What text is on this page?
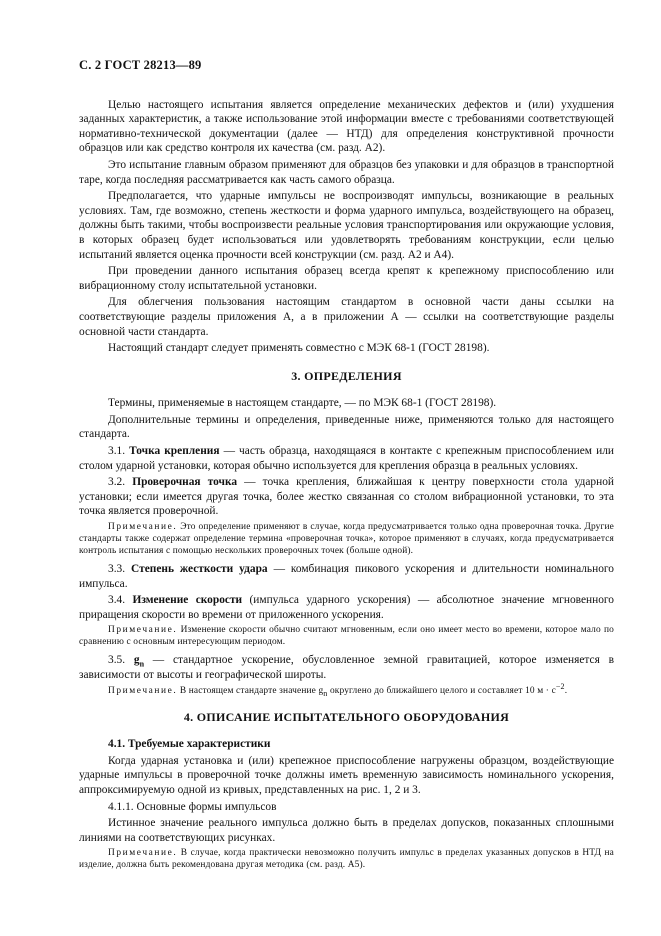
С. 2 ГОСТ 28213—89

Целью настоящего испытания является определение механических дефектов и (или) ухудшения заданных характеристик, а также использование этой информации вместе с требованиями соответствующей нормативно-технической документации (далее — НТД) для определения конструктивной прочности образцов или как средство контроля их качества (см. разд. А2).

Это испытание главным образом применяют для образцов без упаковки и для образцов в транспортной таре, когда последняя рассматривается как часть самого образца.

Предполагается, что ударные импульсы не воспроизводят импульсы, возникающие в реальных условиях. Там, где возможно, степень жесткости и форма ударного импульса, воздействующего на образец, должны быть такими, чтобы воспроизвести реальные условия транспортирования или окружающие условия, в которых образец будет использоваться или удовлетворять требованиям конструкции, если целью испытаний является оценка прочности всей конструкции (см. разд. А2 и А4).

При проведении данного испытания образец всегда крепят к крепежному приспособлению или вибрационному столу испытательной установки.

Для облегчения пользования настоящим стандартом в основной части даны ссылки на соответствующие разделы приложения А, а в приложении А — ссылки на соответствующие разделы основной части стандарта.

Настоящий стандарт следует применять совместно с МЭК 68-1 (ГОСТ 28198).

3. ОПРЕДЕЛЕНИЯ

Термины, применяемые в настоящем стандарте, — по МЭК 68-1 (ГОСТ 28198).

Дополнительные термины и определения, приведенные ниже, применяются только для настоящего стандарта.

3.1. Точка крепления — часть образца, находящаяся в контакте с крепежным приспособлением или столом ударной установки, которая обычно используется для крепления образца в реальных условиях.

3.2. Проверочная точка — точка крепления, ближайшая к центру поверхности стола ударной установки; если имеется другая точка, более жестко связанная со столом вибрационной установки, то эта точка является проверочной.

Примечание. Это определение применяют в случае, когда предусматривается только одна проверочная точка. Другие стандарты также содержат определение термина «проверочная точка», которое применяют в случаях, когда предусматривается контроль испытания с помощью нескольких проверочных точек (больше одной).

3.3. Степень жесткости удара — комбинация пикового ускорения и длительности номинального импульса.

3.4. Изменение скорости (импульса ударного ускорения) — абсолютное значение мгновенного приращения скорости во времени от приложенного ускорения.

Примечание. Изменение скорости обычно считают мгновенным, если оно имеет место во времени, которое мало по сравнению с основным интересующим периодом.

3.5. $g_n$ — стандартное ускорение, обусловленное земной гравитацией, которое изменяется в зависимости от высоты и географической широты.

Примечание. В настоящем стандарте значение $g_n$ округлено до ближайшего целого и составляет 10 $м \cdot с^{-2}$.
4. ОПИСАНИЕ ИСПЫТАТЕЛЬНОГО ОБОРУДОВАНИЯ

4.1. Требуемые характеристики

Когда ударная установка и (или) крепежное приспособление нагружены образцом, воздействующие ударные импульсы в проверочной точке должны иметь временную зависимость номинального ускорения, аппроксимируемую одной из кривых, представленных на рис. 1, 2 и 3.

4.1.1. Основные формы импульсов

Истинное значение реального импульса должно быть в пределах допусков, показанных сплошными линиями на соответствующих рисунках.

Примечание. В случае, когда практически невозможно получить импульс в пределах указанных допусков в НТД на изделие, должна быть рекомендована другая методика (см. разд. А5).
